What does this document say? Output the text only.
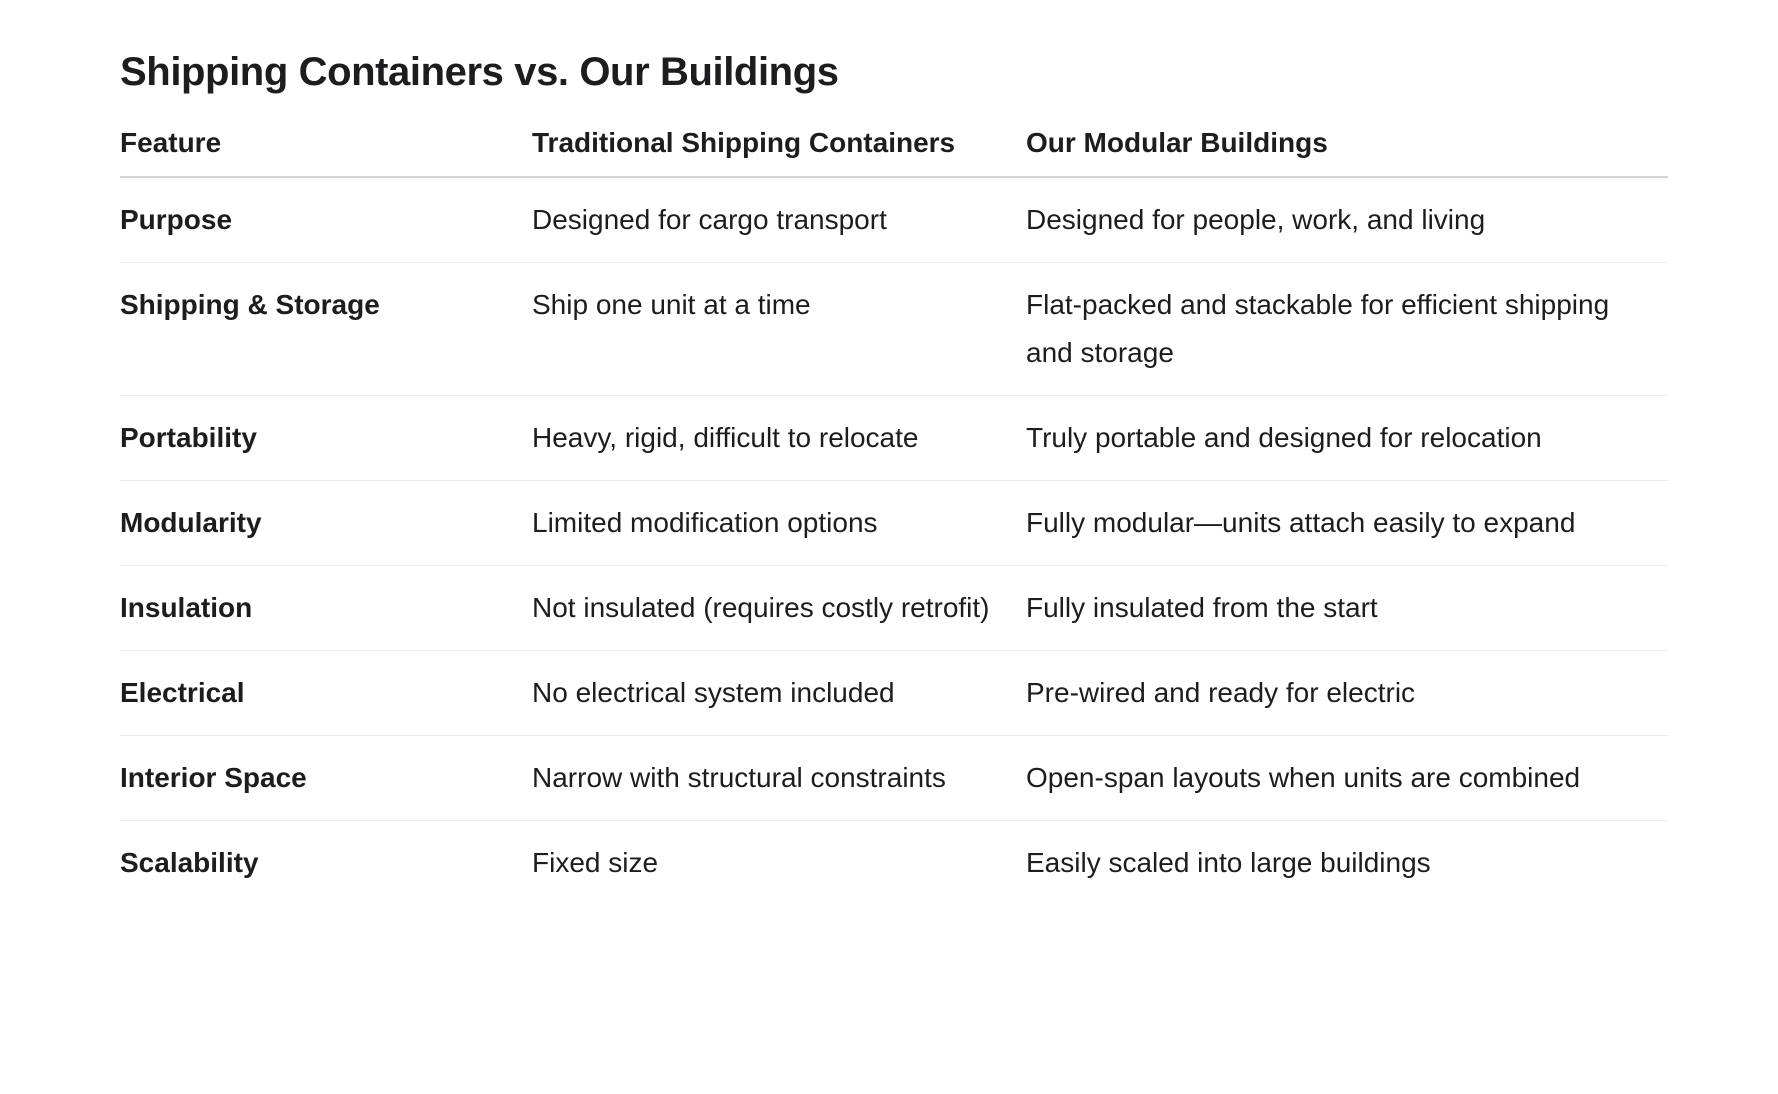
Shipping Containers vs. Our Buildings
Feature	Traditional Shipping Containers	Our Modular Buildings

Purpose	Designed for cargo transport	Designed for people, work, and living

Shipping & Storage	Ship one unit at a time	Flat-packed and stackable for efficient shipping and storage

Portability	Heavy, rigid, difficult to relocate	Truly portable and designed for relocation

Modularity	Limited modification options	Fully modular—units attach easily to expand

Insulation	Not insulated (requires costly retrofit)	Fully insulated from the start

Electrical	No electrical system included	Pre-wired and ready for electric

Interior Space	Narrow with structural constraints	Open-span layouts when units are combined

Scalability	Fixed size	Easily scaled into large buildings
